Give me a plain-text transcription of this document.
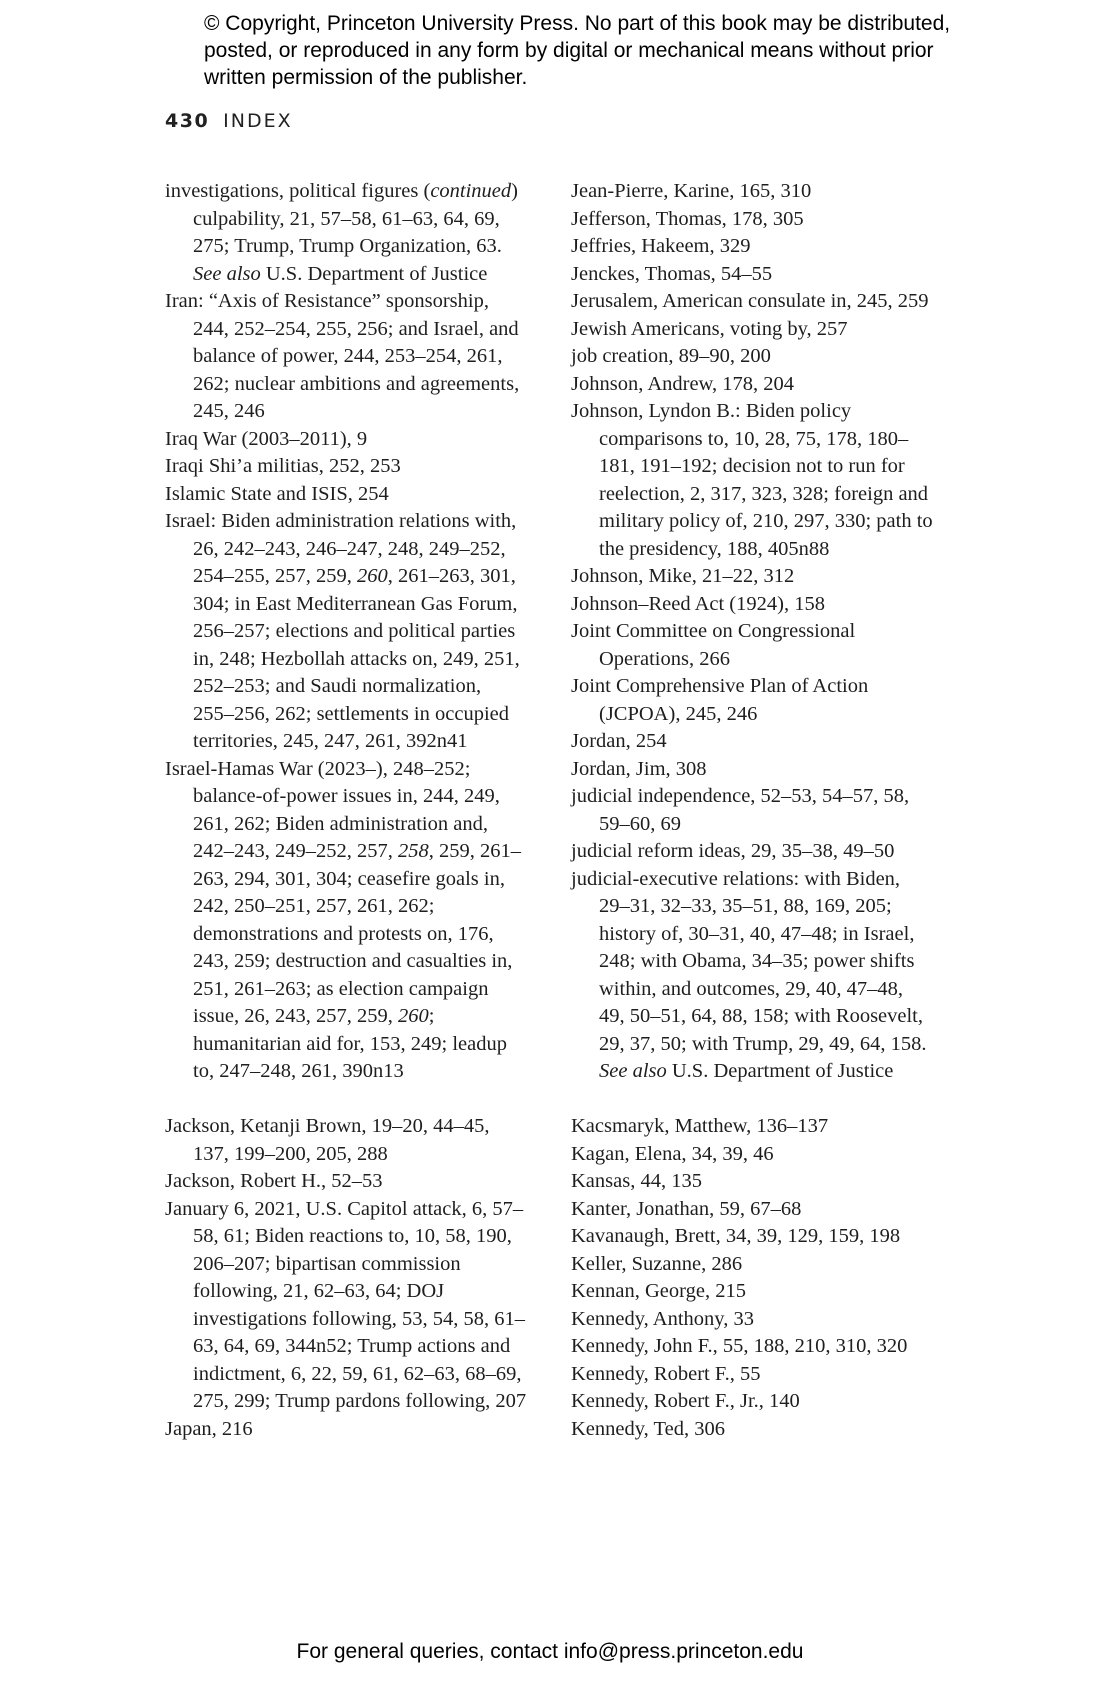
© Copyright, Princeton University Press. No part of this book may be distributed, posted, or reproduced in any form by digital or mechanical means without prior written permission of the publisher.
430 INDEX

investigations, political figures (continued) culpability, 21, 57–58, 61–63, 64, 69, 275; Trump, Trump Organization, 63. See also U.S. Department of Justice

Iran: “Axis of Resistance” sponsorship, 244, 252–254, 255, 256; and Israel, and balance of power, 244, 253–254, 261, 262; nuclear ambitions and agreements, 245, 246

Iraq War (2003–2011), 9

Iraqi Shi’a militias, 252, 253

Islamic State and ISIS, 254

Israel: Biden administration relations with, 26, 242–243, 246–247, 248, 249–252, 254–255, 257, 259, 260, 261–263, 301, 304; in East Mediterranean Gas Forum, 256–257; elections and political parties in, 248; Hezbollah attacks on, 249, 251, 252–253; and Saudi normalization, 255–256, 262; settlements in occupied territories, 245, 247, 261, 392n41

Israel-Hamas War (2023–), 248–252; balance-of-power issues in, 244, 249, 261, 262; Biden administration and, 242–243, 249–252, 257, 258, 259, 261–263, 294, 301, 304; ceasefire goals in, 242, 250–251, 257, 261, 262; demonstrations and protests on, 176, 243, 259; destruction and casualties in, 251, 261–263; as election campaign issue, 26, 243, 257, 259, 260; humanitarian aid for, 153, 249; leadup to, 247–248, 261, 390n13

Jackson, Ketanji Brown, 19–20, 44–45, 137, 199–200, 205, 288

Jackson, Robert H., 52–53

January 6, 2021, U.S. Capitol attack, 6, 57–58, 61; Biden reactions to, 10, 58, 190, 206–207; bipartisan commission following, 21, 62–63, 64; DOJ investigations following, 53, 54, 58, 61–63, 64, 69, 344n52; Trump actions and indictment, 6, 22, 59, 61, 62–63, 68–69, 275, 299; Trump pardons following, 207

Japan, 216

Jean-Pierre, Karine, 165, 310

Jefferson, Thomas, 178, 305

Jeffries, Hakeem, 329

Jenckes, Thomas, 54–55

Jerusalem, American consulate in, 245, 259

Jewish Americans, voting by, 257

job creation, 89–90, 200

Johnson, Andrew, 178, 204

Johnson, Lyndon B.: Biden policy comparisons to, 10, 28, 75, 178, 180–181, 191–192; decision not to run for reelection, 2, 317, 323, 328; foreign and military policy of, 210, 297, 330; path to the presidency, 188, 405n88

Johnson, Mike, 21–22, 312

Johnson–Reed Act (1924), 158

Joint Committee on Congressional Operations, 266

Joint Comprehensive Plan of Action (JCPOA), 245, 246

Jordan, 254

Jordan, Jim, 308

judicial independence, 52–53, 54–57, 58, 59–60, 69

judicial reform ideas, 29, 35–38, 49–50

judicial-executive relations: with Biden, 29–31, 32–33, 35–51, 88, 169, 205; history of, 30–31, 40, 47–48; in Israel, 248; with Obama, 34–35; power shifts within, and outcomes, 29, 40, 47–48, 49, 50–51, 64, 88, 158; with Roosevelt, 29, 37, 50; with Trump, 29, 49, 64, 158. See also U.S. Department of Justice

Kacsmaryk, Matthew, 136–137

Kagan, Elena, 34, 39, 46

Kansas, 44, 135

Kanter, Jonathan, 59, 67–68

Kavanaugh, Brett, 34, 39, 129, 159, 198

Keller, Suzanne, 286

Kennan, George, 215

Kennedy, Anthony, 33

Kennedy, John F., 55, 188, 210, 310, 320

Kennedy, Robert F., 55

Kennedy, Robert F., Jr., 140

Kennedy, Ted, 306

For general queries, contact info@press.princeton.edu
